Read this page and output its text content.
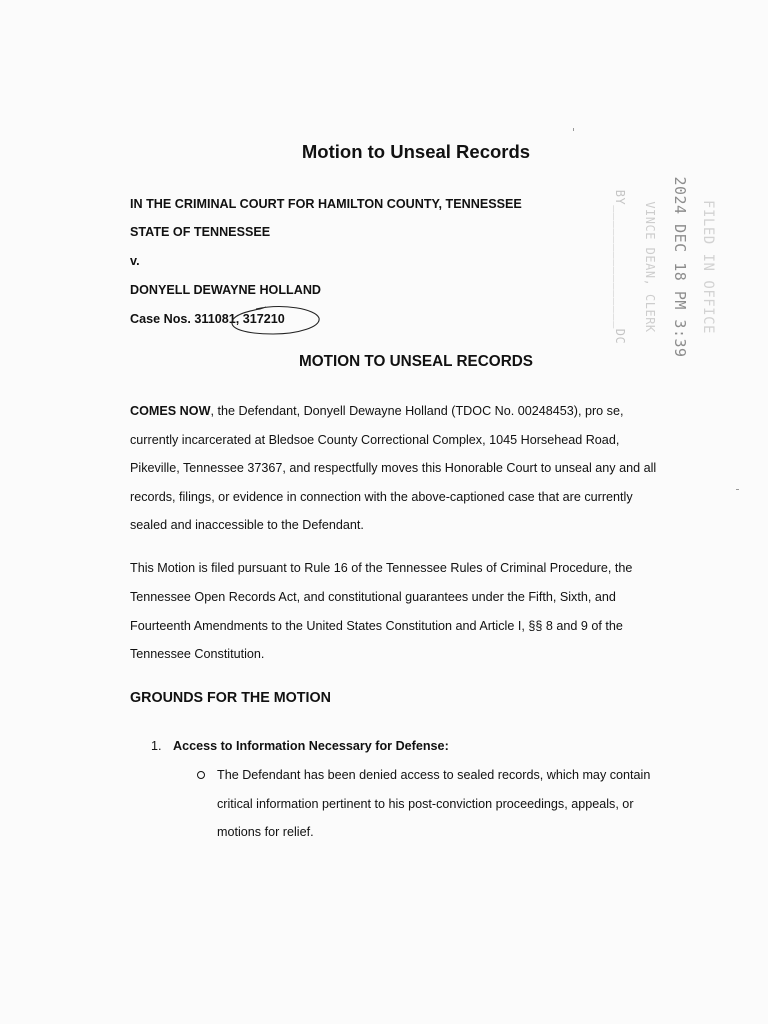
Motion to Unseal Records
IN THE CRIMINAL COURT FOR HAMILTON COUNTY, TENNESSEE
STATE OF TENNESSEE
v.
DONYELL DEWAYNE HOLLAND
Case Nos. 311081, 317210
MOTION TO UNSEAL RECORDS
COMES NOW, the Defendant, Donyell Dewayne Holland (TDOC No. 00248453), pro se,
currently incarcerated at Bledsoe County Correctional Complex, 1045 Horsehead Road,
Pikeville, Tennessee 37367, and respectfully moves this Honorable Court to unseal any and all
records, filings, or evidence in connection with the above-captioned case that are currently
sealed and inaccessible to the Defendant.
This Motion is filed pursuant to Rule 16 of the Tennessee Rules of Criminal Procedure, the
Tennessee Open Records Act, and constitutional guarantees under the Fifth, Sixth, and
Fourteenth Amendments to the United States Constitution and Article I, §§ 8 and 9 of the
Tennessee Constitution.
GROUNDS FOR THE MOTION
1. Access to Information Necessary for Defense:
The Defendant has been denied access to sealed records, which may contain
critical information pertinent to his post-conviction proceedings, appeals, or
motions for relief.
FILED IN OFFICE
2024 DEC 18 PM 3:39
VINCE DEAN, CLERK
BY________________DC
